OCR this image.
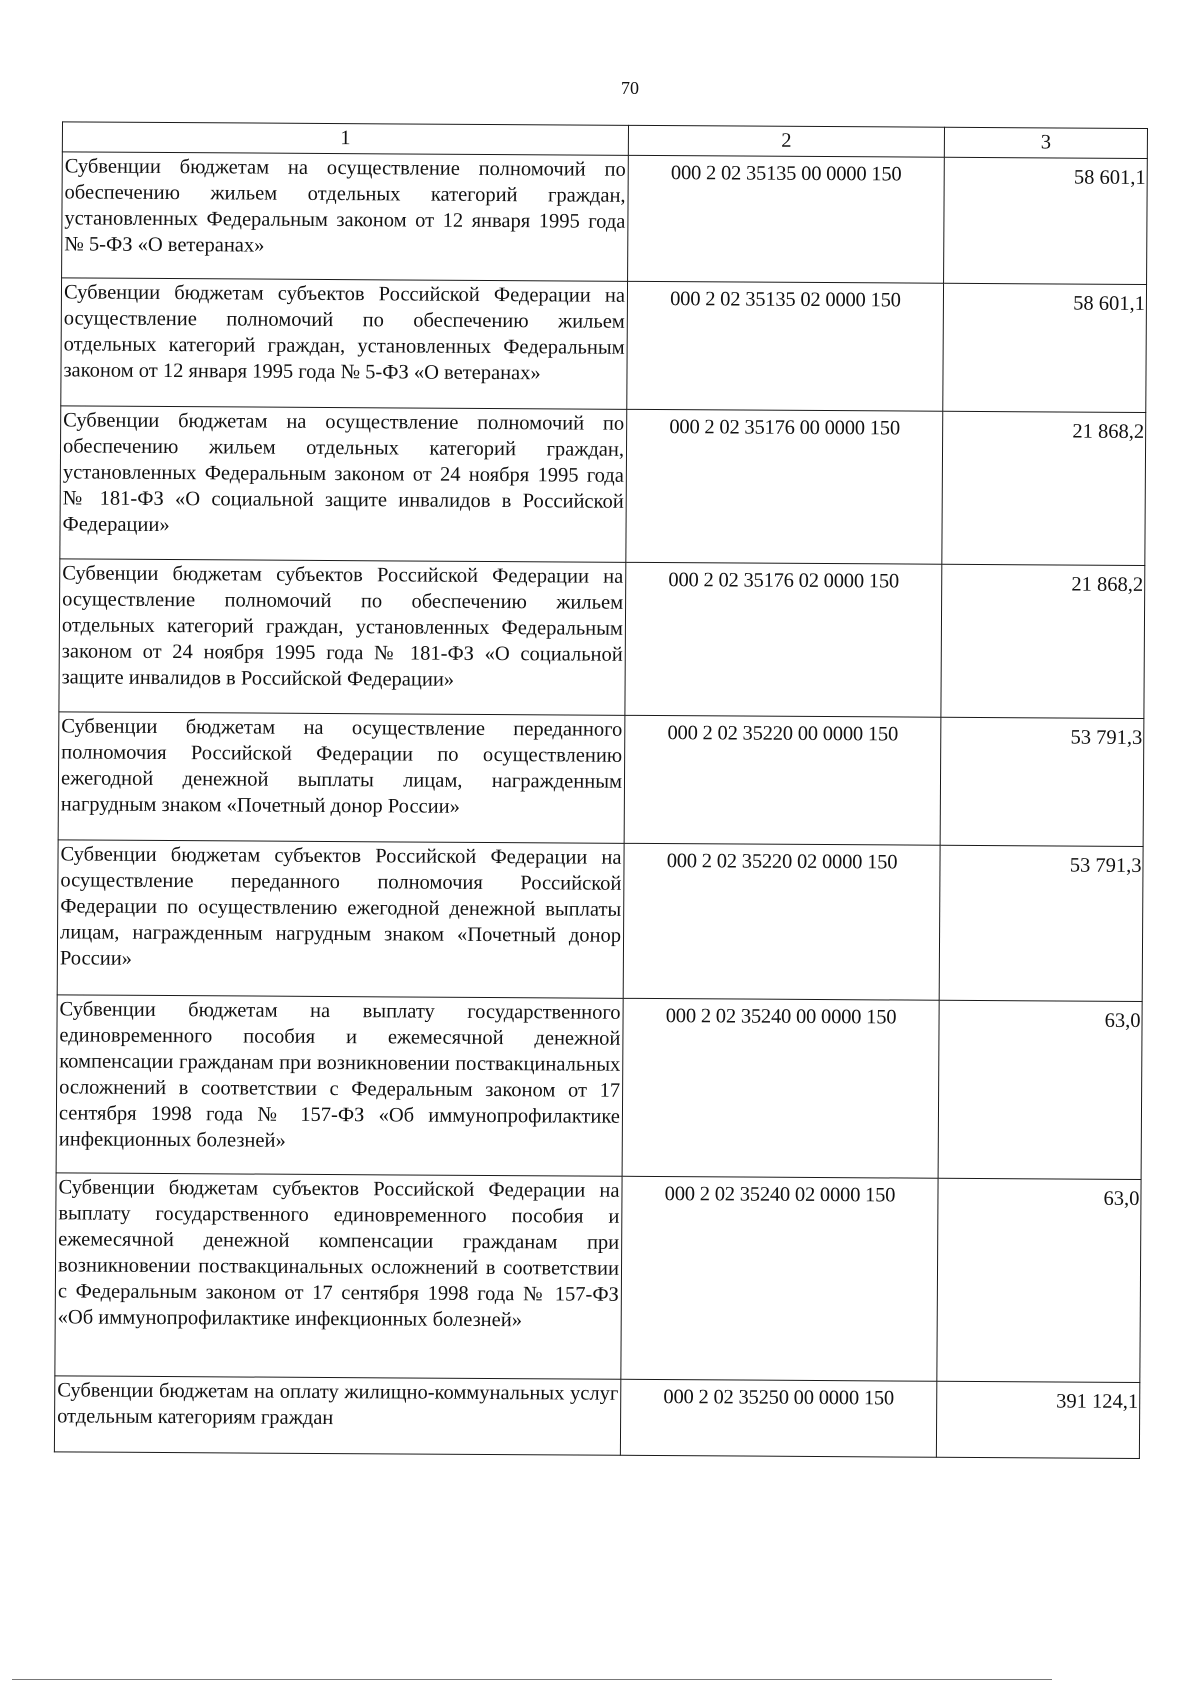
70
1	2	3
Субвенции бюджетам на осуществление полномочий по обеспечению жильем отдельных категорий граждан, установленных Федеральным законом от 12 января 1995 года № 5-ФЗ «О ветеранах»	000 2 02 35135 00 0000 150	58 601,1
Субвенции бюджетам субъектов Российской Федерации на осуществление полномочий по обеспечению жильем отдельных категорий граждан, установленных Федеральным законом от 12 января 1995 года № 5-ФЗ «О ветеранах»	000 2 02 35135 02 0000 150	58 601,1
Субвенции бюджетам на осуществление полномочий по обеспечению жильем отдельных категорий граждан, установленных Федеральным законом от 24 ноября 1995 года № 181-ФЗ «О социальной защите инвалидов в Российской Федерации»	000 2 02 35176 00 0000 150	21 868,2
Субвенции бюджетам субъектов Российской Федерации на осуществление полномочий по обеспечению жильем отдельных категорий граждан, установленных Федеральным законом от 24 ноября 1995 года № 181-ФЗ «О социальной защите инвалидов в Российской Федерации»	000 2 02 35176 02 0000 150	21 868,2
Субвенции бюджетам на осуществление переданного полномочия Российской Федерации по осуществлению ежегодной денежной выплаты лицам, награжденным нагрудным знаком «Почетный донор России»	000 2 02 35220 00 0000 150	53 791,3
Субвенции бюджетам субъектов Российской Федерации на осуществление переданного полномочия Российской Федерации по осуществлению ежегодной денежной выплаты лицам, награжденным нагрудным знаком «Почетный донор России»	000 2 02 35220 02 0000 150	53 791,3
Субвенции бюджетам на выплату государственного единовременного пособия и ежемесячной денежной компенсации гражданам при возникновении поствакцинальных осложнений в соответствии с Федеральным законом от 17 сентября 1998 года № 157-ФЗ «Об иммунопрофилактике инфекционных болезней»	000 2 02 35240 00 0000 150	63,0
Субвенции бюджетам субъектов Российской Федерации на выплату государственного единовременного пособия и ежемесячной денежной компенсации гражданам при возникновении поствакцинальных осложнений в соответствии с Федеральным законом от 17 сентября 1998 года № 157-ФЗ «Об иммунопрофилактике инфекционных болезней»	000 2 02 35240 02 0000 150	63,0
Субвенции бюджетам на оплату жилищно-коммунальных услуг отдельным категориям граждан	000 2 02 35250 00 0000 150	391 124,1
